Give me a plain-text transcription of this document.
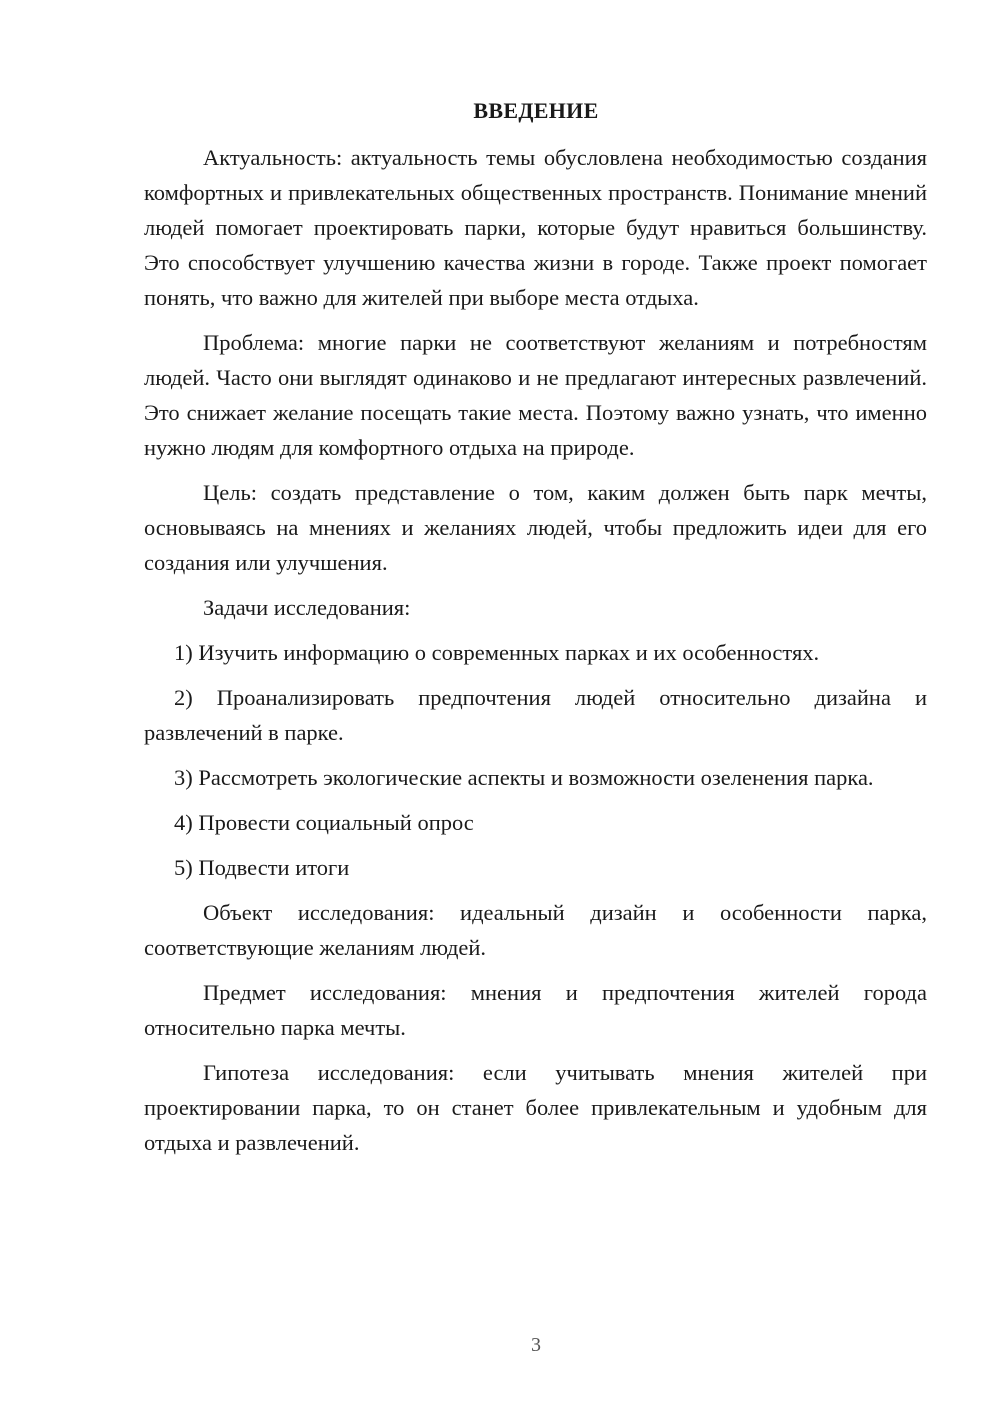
ВВЕДЕНИЕ

Актуальность: актуальность темы обусловлена необходимостью создания комфортных и привлекательных общественных пространств. Понимание мнений людей помогает проектировать парки, которые будут нравиться большинству. Это способствует улучшению качества жизни в городе. Также проект помогает понять, что важно для жителей при выборе места отдыха.

Проблема: многие парки не соответствуют желаниям и потребностям людей. Часто они выглядят одинаково и не предлагают интересных развлечений. Это снижает желание посещать такие места. Поэтому важно узнать, что именно нужно людям для комфортного отдыха на природе.

Цель: создать представление о том, каким должен быть парк мечты, основываясь на мнениях и желаниях людей, чтобы предложить идеи для его создания или улучшения.

Задачи исследования:

1) Изучить информацию о современных парках и их особенностях.

2) Проанализировать предпочтения людей относительно дизайна и развлечений в парке.

3) Рассмотреть экологические аспекты и возможности озеленения парка.

4) Провести социальный опрос

5) Подвести итоги

Объект исследования: идеальный дизайн и особенности парка, соответствующие желаниям людей.

Предмет исследования: мнения и предпочтения жителей города относительно парка мечты.

Гипотеза исследования: если учитывать мнения жителей при проектировании парка, то он станет более привлекательным и удобным для отдыха и развлечений.

3
